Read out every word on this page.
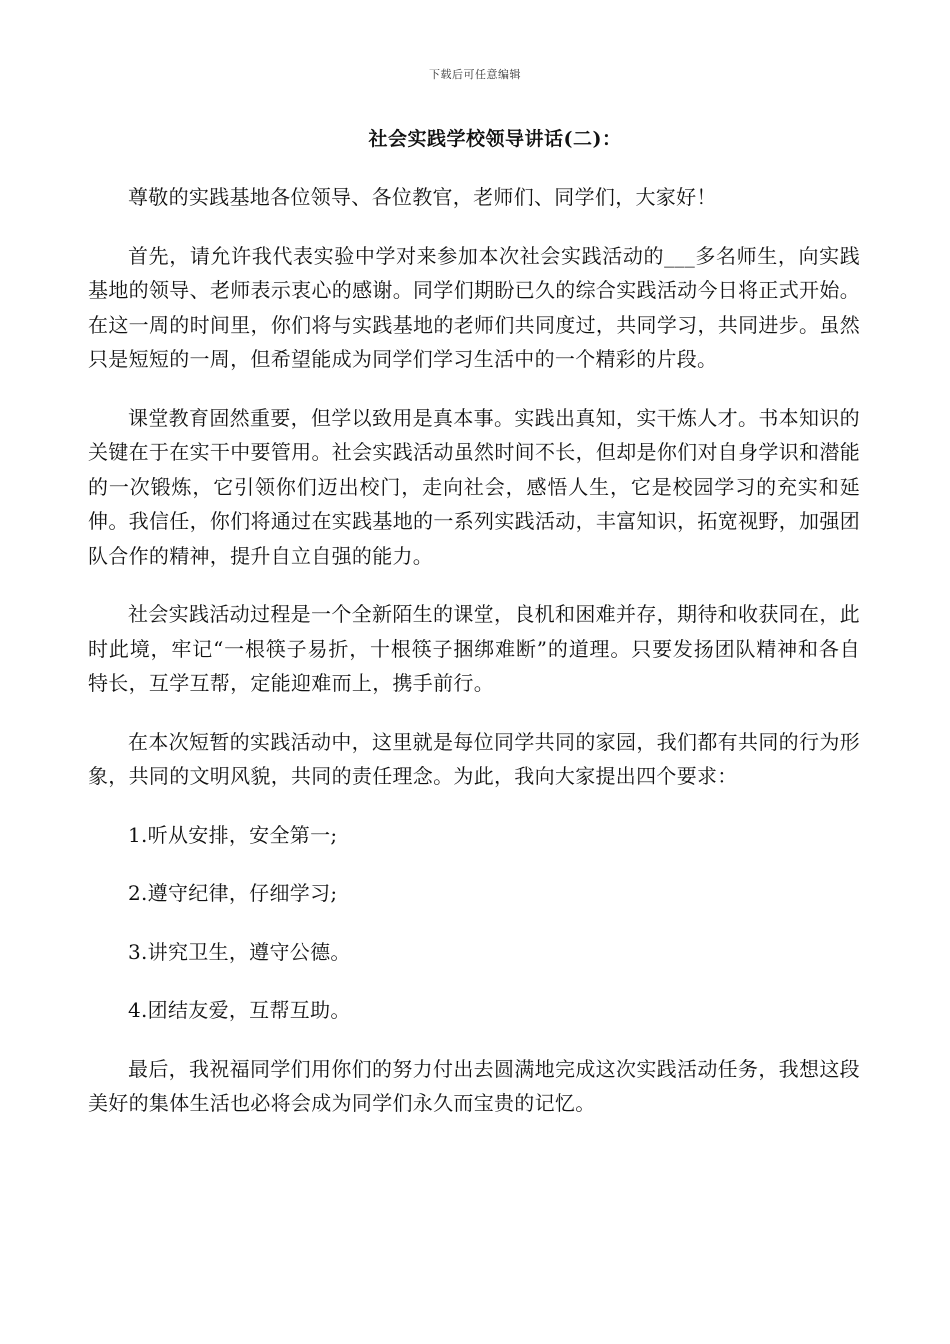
下载后可任意编辑
社会实践学校领导讲话(二)：

尊敬的实践基地各位领导、各位教官，老师们、同学们，大家好！

首先，请允许我代表实验中学对来参加本次社会实践活动的___多名师生，向实践基地的领导、老师表示衷心的感谢。同学们期盼已久的综合实践活动今日将正式开始。在这一周的时间里，你们将与实践基地的老师们共同度过，共同学习，共同进步。虽然只是短短的一周，但希望能成为同学们学习生活中的一个精彩的片段。

课堂教育固然重要，但学以致用是真本事。实践出真知，实干炼人才。书本知识的关键在于在实干中要管用。社会实践活动虽然时间不长，但却是你们对自身学识和潜能的一次锻炼，它引领你们迈出校门，走向社会，感悟人生，它是校园学习的充实和延伸。我信任，你们将通过在实践基地的一系列实践活动，丰富知识，拓宽视野，加强团队合作的精神，提升自立自强的能力。

社会实践活动过程是一个全新陌生的课堂，良机和困难并存，期待和收获同在，此时此境，牢记“一根筷子易折，十根筷子捆绑难断”的道理。只要发扬团队精神和各自特长，互学互帮，定能迎难而上，携手前行。

在本次短暂的实践活动中，这里就是每位同学共同的家园，我们都有共同的行为形象，共同的文明风貌，共同的责任理念。为此，我向大家提出四个要求：

1.听从安排，安全第一;

2.遵守纪律，仔细学习;

3.讲究卫生，遵守公德。

4.团结友爱，互帮互助。

最后，我祝福同学们用你们的努力付出去圆满地完成这次实践活动任务，我想这段美好的集体生活也必将会成为同学们永久而宝贵的记忆。
